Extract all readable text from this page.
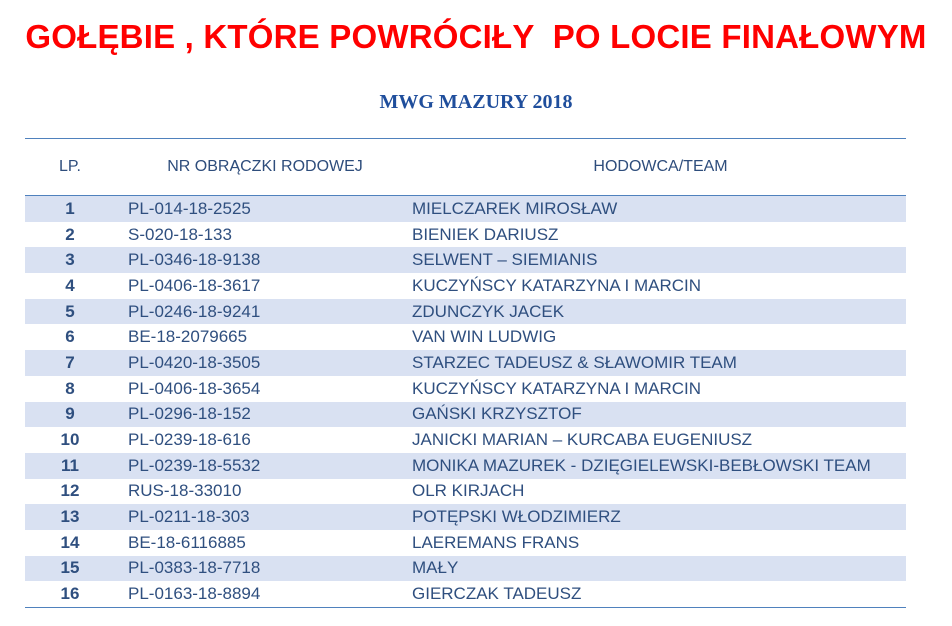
GOŁĘBIE , KTÓRE POWRÓCIŁY  PO LOCIE FINAŁOWYM
MWG MAZURY 2018
LP.	NR OBRĄCZKI RODOWEJ	HODOWCA/TEAM
1	PL-014-18-2525	MIELCZAREK MIROSŁAW
2	S-020-18-133	BIENIEK DARIUSZ
3	PL-0346-18-9138	SELWENT – SIEMIANIS
4	PL-0406-18-3617	KUCZYŃSCY KATARZYNA I MARCIN
5	PL-0246-18-9241	ZDUNCZYK JACEK
6	BE-18-2079665	VAN WIN LUDWIG
7	PL-0420-18-3505	STARZEC TADEUSZ & SŁAWOMIR TEAM
8	PL-0406-18-3654	KUCZYŃSCY KATARZYNA I MARCIN
9	PL-0296-18-152	GAŃSKI KRZYSZTOF
10	PL-0239-18-616	JANICKI MARIAN – KURCABA EUGENIUSZ
11	PL-0239-18-5532	MONIKA MAZUREK - DZIĘGIELEWSKI-BEBŁOWSKI TEAM
12	RUS-18-33010	OLR KIRJACH
13	PL-0211-18-303	POTĘPSKI WŁODZIMIERZ
14	BE-18-6116885	LAEREMANS FRANS
15	PL-0383-18-7718	MAŁY
16	PL-0163-18-8894	GIERCZAK TADEUSZ
